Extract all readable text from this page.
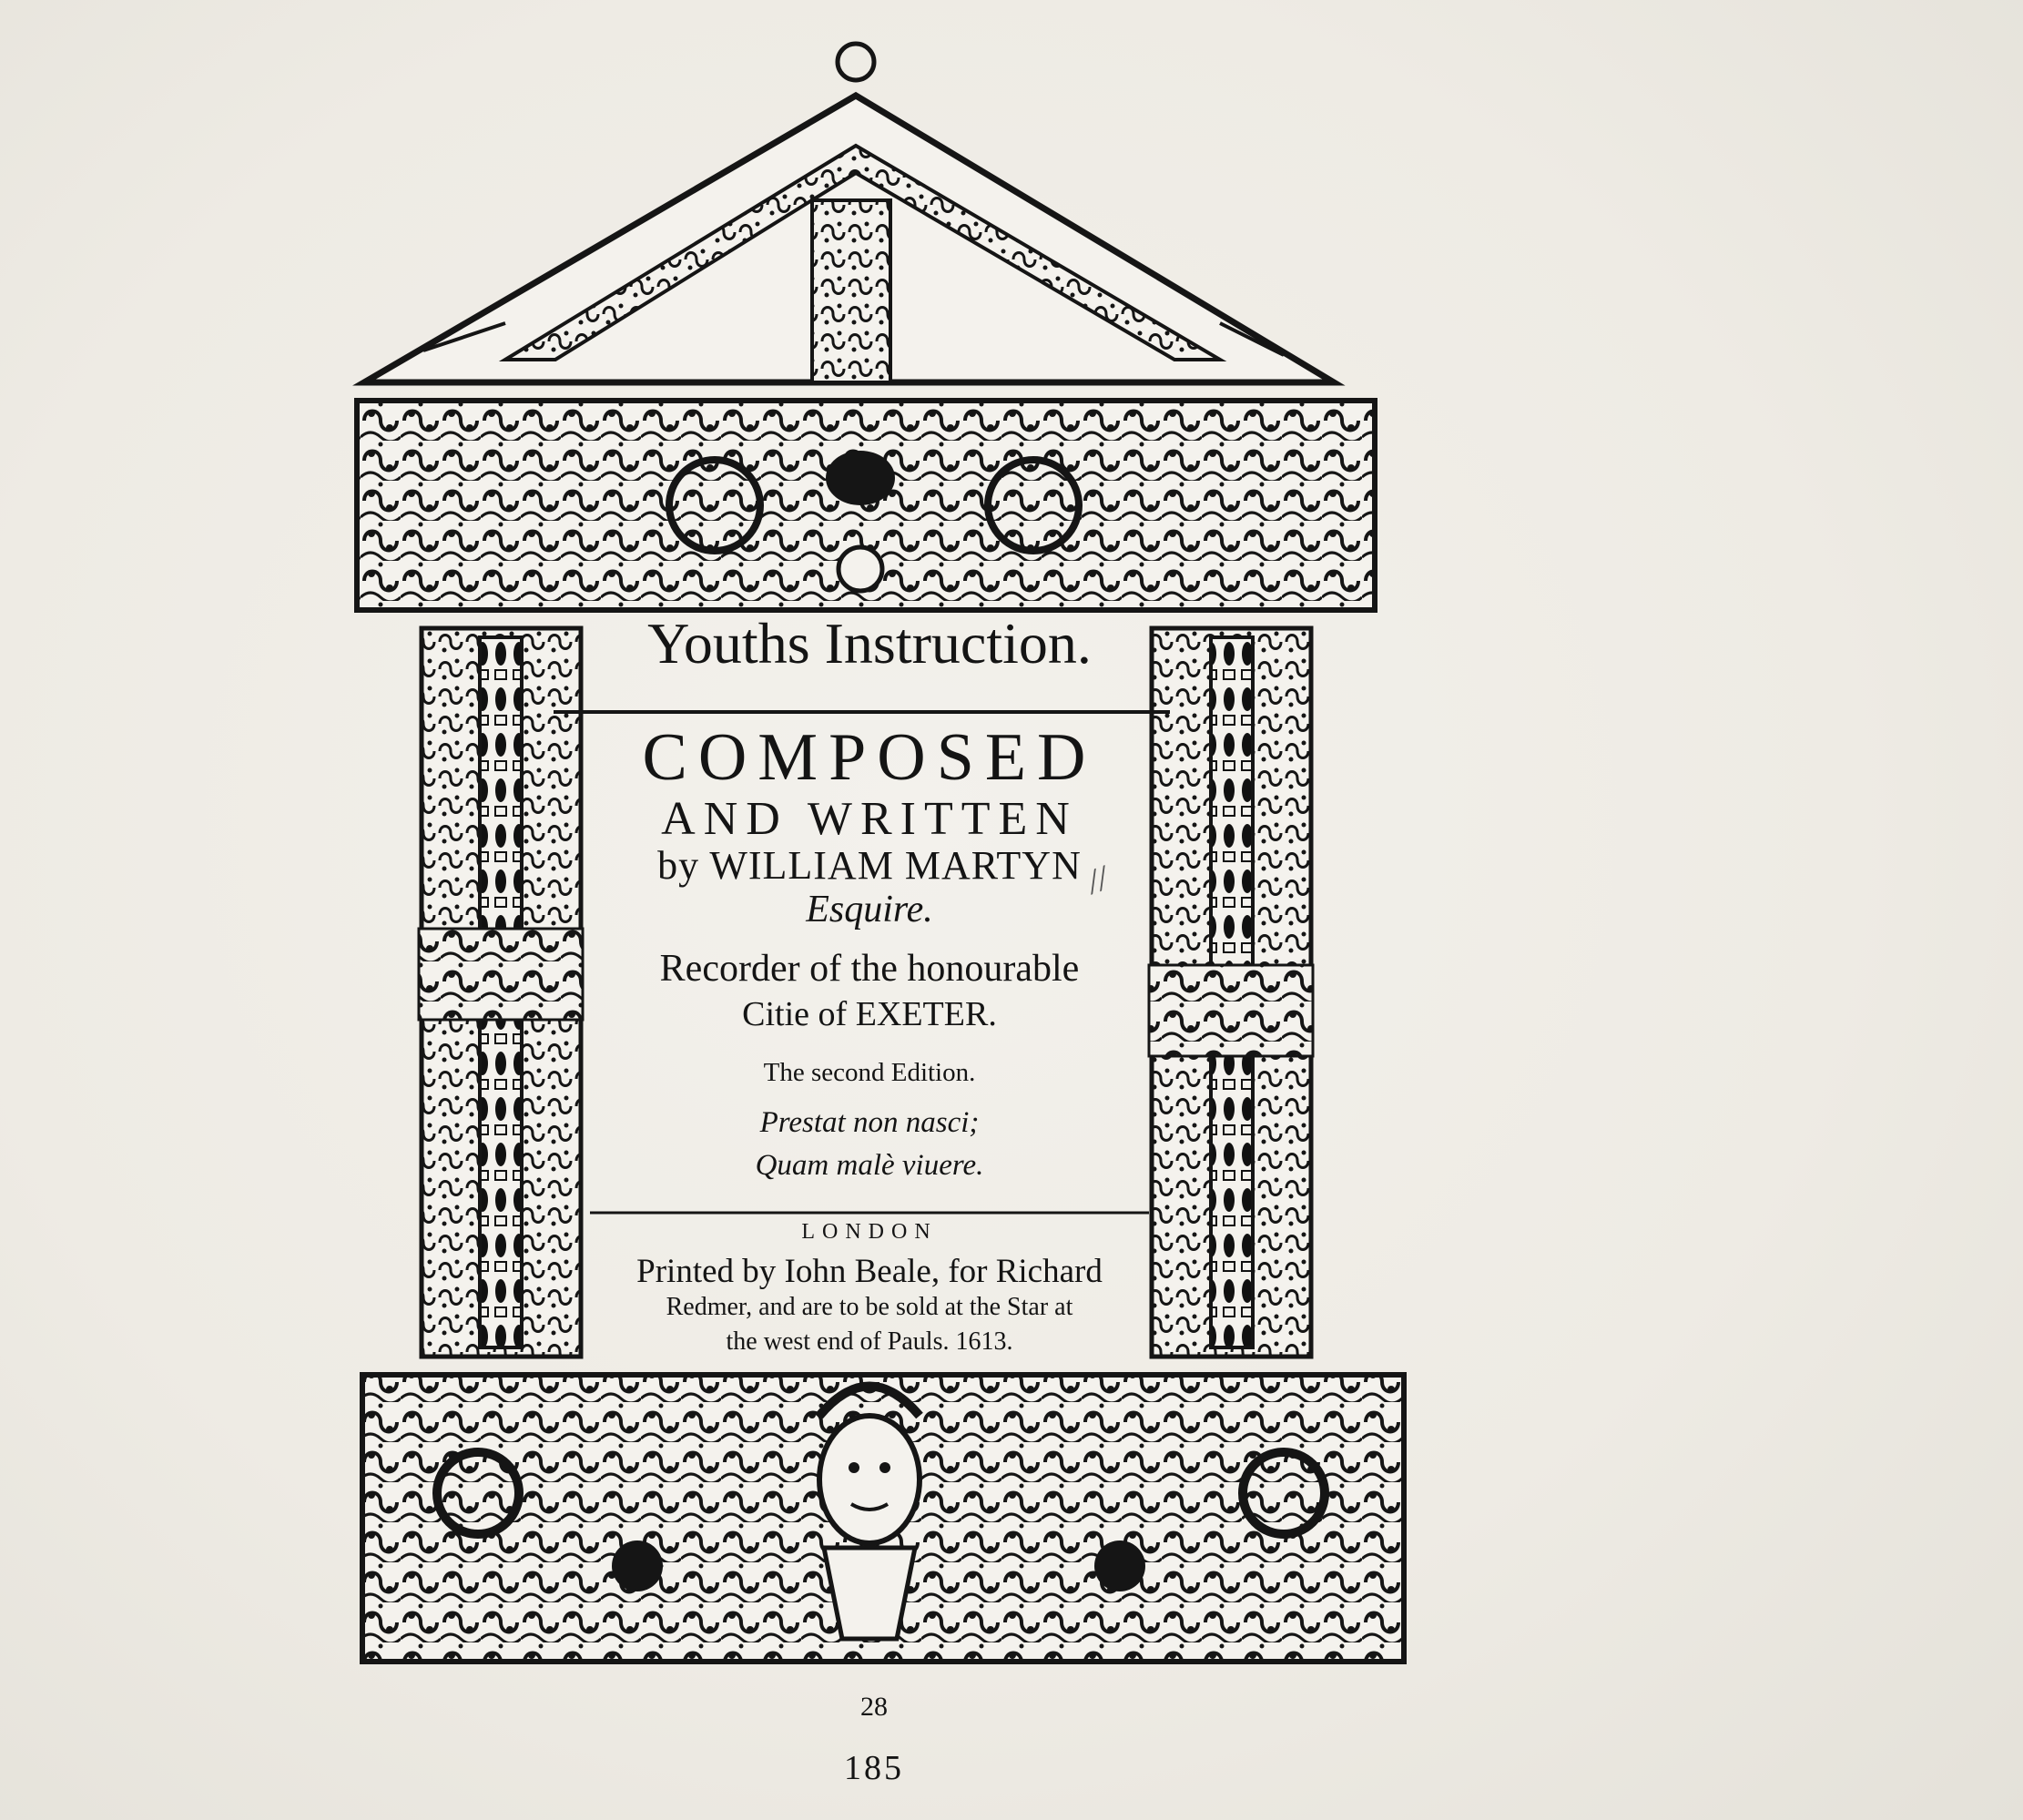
Youths Instruction.

COMPOSED

AND WRITTEN

by WILLIAM MARTYN

Esquire.

Recorder of the honourable

Citie of EXETER.

The second Edition.

Prestat non nasci;

Quam malè viuere.

LONDON

Printed by Iohn Beale, for Richard

Redmer, and are to be sold at the Star at

the west end of Pauls. 1613.

//
28
185
